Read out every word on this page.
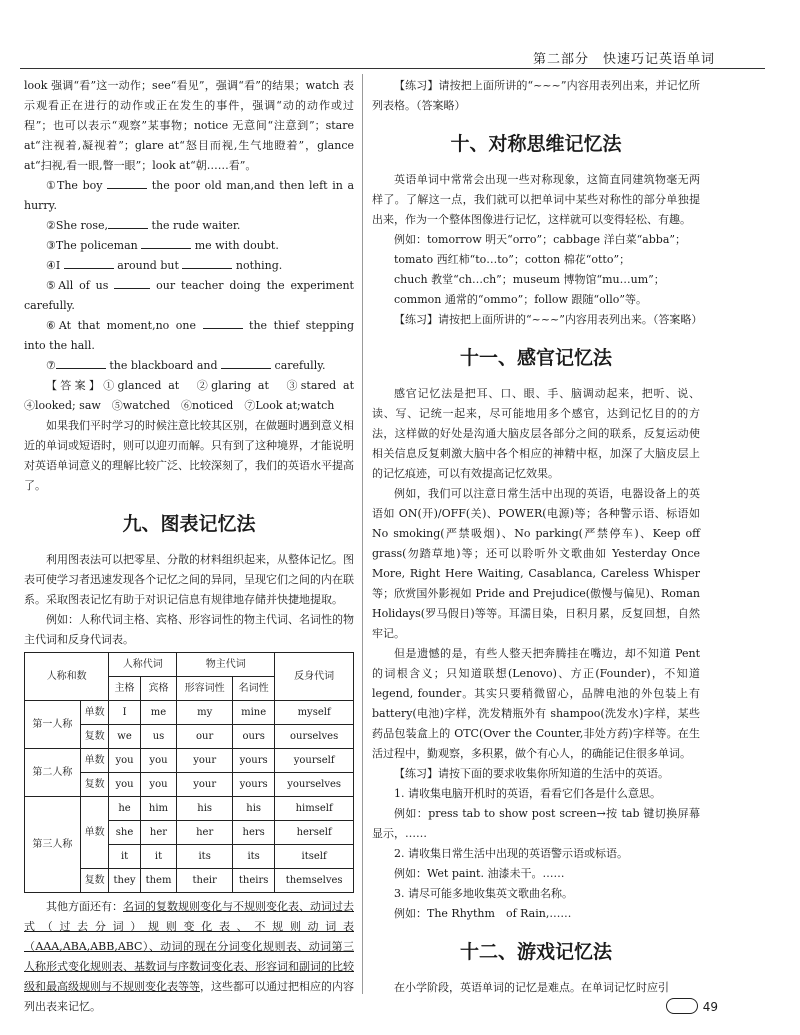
第二部分　快速巧记英语单词

look 强调“看”这一动作；see“看见”，强调“看”的结果；watch 表示观看正在进行的动作或正在发生的事件，强调“动的动作或过程”；也可以表示“观察”某事物；notice 无意间“注意到”；stare at“注视着,凝视着”；glare at“怒目而视,生气地瞪着”，glance at“扫视,看一眼,瞥一眼”；look at“朝……看”。

①The boy	the poor old man,and then left in a hurry.

②She rose,	the rude waiter.

③The policeman	me with doubt.

④I	around but	nothing.

⑤All of us	our teacher doing the experiment carefully.

⑥At that moment,no one	the thief stepping into the hall.

⑦	the blackboard and	carefully.

【答案】①glanced at　②glaring at　③stared at　④looked; saw　⑤watched　⑥noticed　⑦Look at;watch

如果我们平时学习的时候注意比较其区别，在做题时遇到意义相近的单词或短语时，则可以迎刃而解。只有到了这种境界，才能说明对英语单词意义的理解比较广泛、比较深刻了，我们的英语水平提高了。

九、图表记忆法

利用图表法可以把零星、分散的材料组织起来，从整体记忆。图表可使学习者迅速发现各个记忆之间的异同，呈现它们之间的内在联系。采取图表记忆有助于对识记信息有规律地存储并快捷地提取。

例如：人称代词主格、宾格、形容词性的物主代词、名词性的物主代词和反身代词表。

人称和数		人称代词		物主代词		反身代词
		主格	宾格	形容词性	名词性	
第一人称	单数	I	me	my	mine	myself
	复数	we	us	our	ours	ourselves
第二人称	单数	you	you	your	yours	yourself
	复数	you	you	your	yours	yourselves
第三人称	单数	he	him	his	his	himself
		she	her	her	hers	herself
		it	it	its	its	itself
	复数	they	them	their	theirs	themselves

其他方面还有：名词的复数规则变化与不规则变化表、动词过去式（过去分词）规则变化表、不规则动词表（AAA,ABA,ABB,ABC）、动词的现在分词变化规则表、动词第三人称形式变化规则表、基数词与序数词变化表、形容词和副词的比较级和最高级规则与不规则变化表等等，这些都可以通过把相应的内容列出表来记忆。

【练习】请按把上面所讲的“~~~”内容用表列出来，并记忆所列表格。（答案略）

十、对称思维记忆法

英语单词中常常会出现一些对称现象，这简直同建筑物毫无两样了。了解这一点，我们就可以把单词中某些对称性的部分单独提出来，作为一个整体图像进行记忆，这样就可以变得轻松、有趣。

例如：tomorrow 明天“orro”；cabbage 洋白菜“abba”；

tomato 西红柿“to…to”；cotton 棉花“otto”；

chuch 教堂“ch…ch”；museum 博物馆“mu…um”；

common 通常的“ommo”；follow 跟随“ollo”等。

【练习】请按把上面所讲的“~~~”内容用表列出来。（答案略）

十一、感官记忆法

感官记忆法是把耳、口、眼、手、脑调动起来，把听、说、读、写、记统一起来，尽可能地用多个感官，达到记忆目的的方法，这样做的好处是沟通大脑皮层各部分之间的联系，反复运动使相关信息反复刺激大脑中各个相应的神精中枢，加深了大脑皮层上的记忆痕迹，可以有效提高记忆效果。

例如，我们可以注意日常生活中出现的英语，电器设备上的英语如 ON(开)/OFF(关)、POWER(电源)等；各种警示语、标语如 No smoking(严禁吸烟)、No parking(严禁停车)、Keep off grass(勿踏草地)等；还可以聆听外文歌曲如 Yesterday Once More, Right Here Waiting, Casablanca, Careless Whisper 等；欣赏国外影视如 Pride and Prejudice(傲慢与偏见)、Roman Holidays(罗马假日)等等。耳濡目染，日积月累，反复回想，自然牢记。

但是遗憾的是，有些人整天把奔腾挂在嘴边，却不知道 Pent 的词根含义；只知道联想(Lenovo)、方正(Founder)，不知道 legend, founder。其实只要稍微留心，品牌电池的外包装上有 battery(电池)字样，洗发精瓶外有 shampoo(洗发水)字样，某些药品包装盒上的 OTC(Over the Counter,非处方药)字样等。在生活过程中，勤观察，多积累，做个有心人，的确能记住很多单词。

【练习】请按下面的要求收集你所知道的生活中的英语。

1. 请收集电脑开机时的英语，看看它们各是什么意思。

例如：press tab to show post screen→按 tab 键切换屏幕显示，……

2. 请收集日常生活中出现的英语警示语或标语。

例如：Wet paint. 油漆未干。……

3. 请尽可能多地收集英文歌曲名称。

例如：The Rhythm　of Rain,……

十二、游戏记忆法

在小学阶段，英语单词的记忆是难点。在单词记忆时应引

49
